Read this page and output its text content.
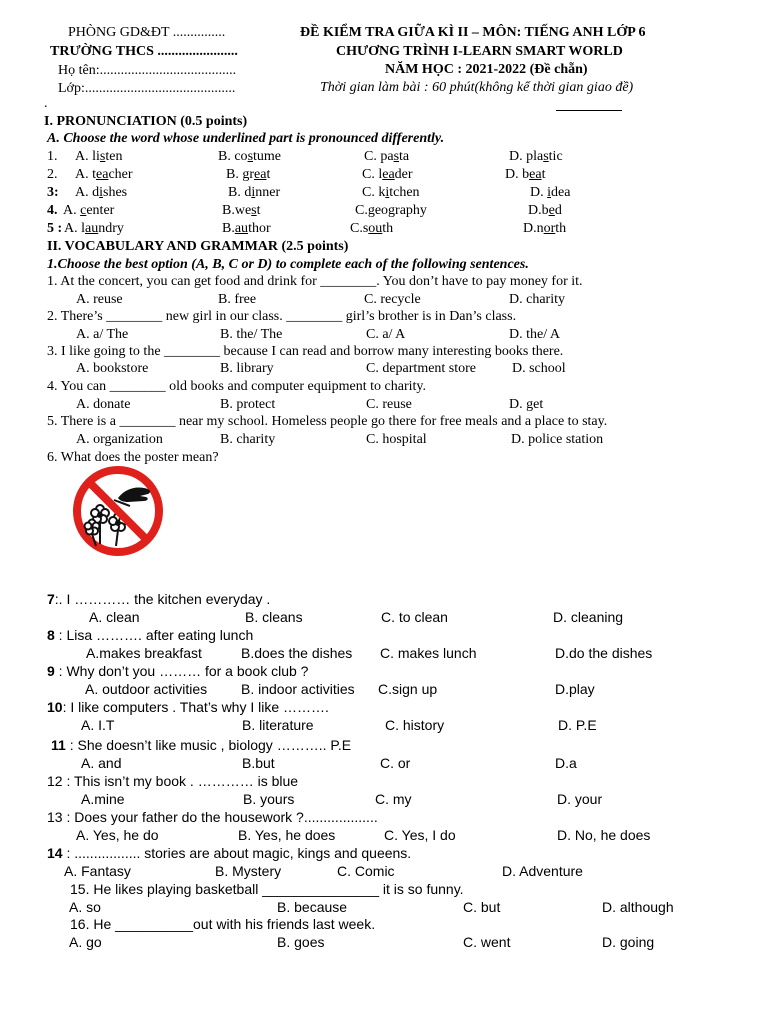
PHÒNG GD&ĐT ...............
TRƯỜNG THCS .......................
Họ tên:.......................................
Lớp:...........................................
.
ĐỀ KIỂM TRA GIỮA KÌ II – MÔN: TIẾNG ANH LỚP 6
CHƯƠNG TRÌNH I-LEARN SMART WORLD
NĂM HỌC : 2021-2022 (Đề chẵn)
Thời gian làm bài : 60 phút(không kể thời gian giao đề)
I. PRONUNCIATION (0.5 points)
A. Choose the word whose underlined part is pronounced differently.
1. A. listen	B. costume	C. pasta	D. plastic
2. A. teacher	B. great	C. leader	D. beat
3: A. dishes	B. dinner	C. kitchen	D. idea
4. A. center	B.west	C.geography	D.bed
5 : A. laundry	B.author	C.south	D.north
II. VOCABULARY AND GRAMMAR (2.5 points)
1.Choose the best option (A, B, C or D) to complete each of the following sentences.
1. At the concert, you can get food and drink for ________. You don’t have to pay money for it.
A. reuse	B. free	C. recycle	D. charity
2. There’s ________ new girl in our class. ________ girl’s brother is in Dan’s class.
A. a/ The	B. the/ The	C. a/ A	D. the/ A
3. I like going to the ________ because I can read and borrow many interesting books there.
A. bookstore	B. library	C. department store	D. school
4. You can ________ old books and computer equipment to charity.
A. donate	B. protect	C. reuse	D. get
5. There is a ________ near my school. Homeless people go there for free meals and a place to stay.
A. organization	B. charity	C. hospital	D. police station
6. What does the poster mean?
7:. I ………… the kitchen everyday .
A. clean	B. cleans	C. to clean	D. cleaning
8 : Lisa ………. after eating lunch
A.makes breakfast	B.does the dishes C. makes lunch	D.do the dishes
9 : Why don’t you ……… for a book club ?
A. outdoor activities B. indoor activities C.sign up	D.play
10: I like computers . That’s why I like ……….
A. I.T	B. literature	C. history	D. P.E
11 : She doesn’t like music , biology ……….. P.E
A. and	B.but	C. or	D.a
12 : This isn’t my book . ………… is blue
A.mine	B. yours	C. my	D. your
13 : Does your father do the housework ?...................
A. Yes, he do	B. Yes, he does	C. Yes, I do	D. No, he does
14 : ................. stories are about magic, kings and queens.
A. Fantasy	B. Mystery	C. Comic	D. Adventure
15. He likes playing basketball _______________ it is so funny.
A. so	B. because	C. but	D. although
16. He __________out with his friends last week.
A. go	B. goes	C. went	D. going
